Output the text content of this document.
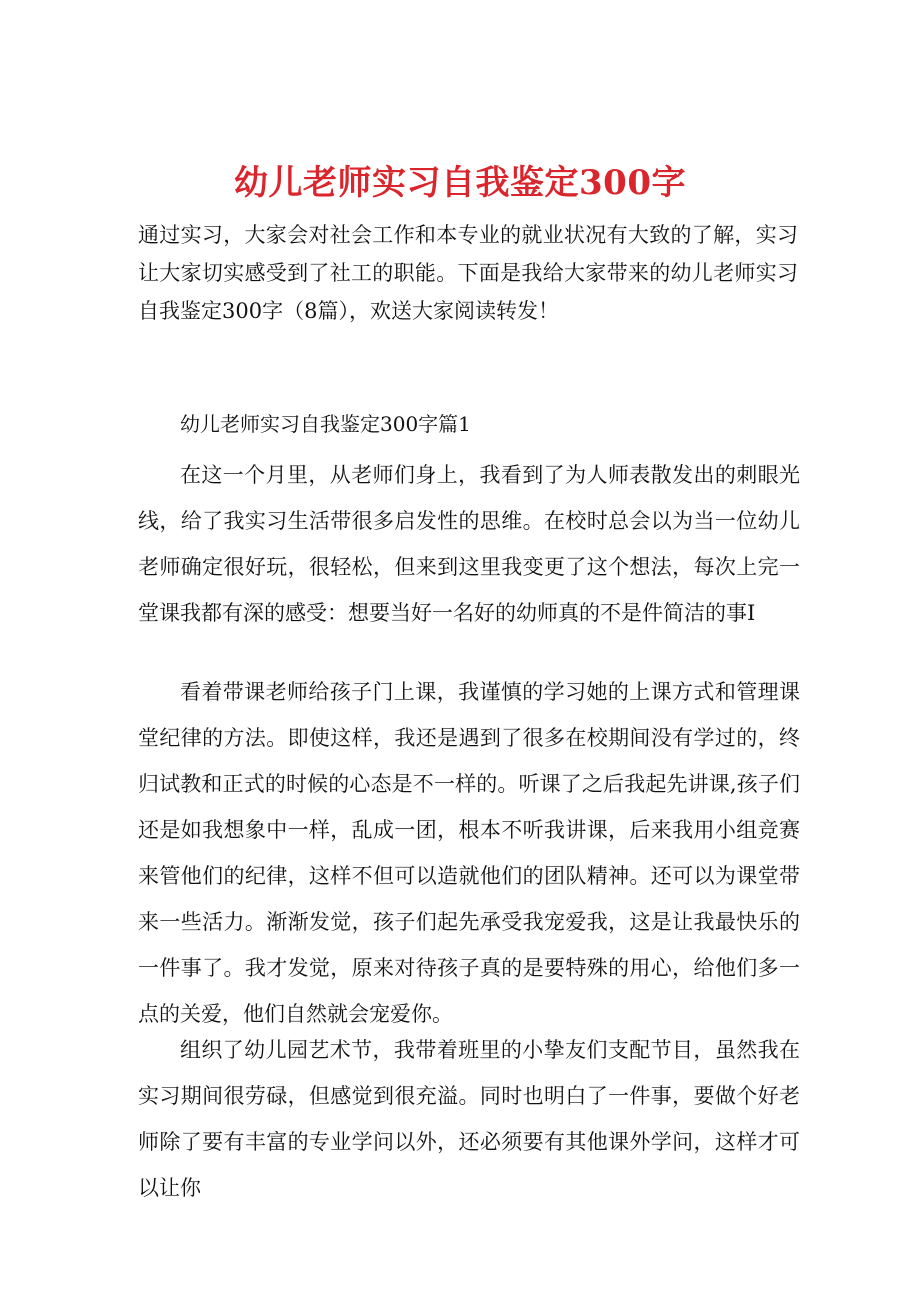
幼儿老师实习自我鉴定300字

通过实习，大家会对社会工作和本专业的就业状况有大致的了解，实习让大家切实感受到了社工的职能。下面是我给大家带来的幼儿老师实习自我鉴定300字（8篇），欢送大家阅读转发！

幼儿老师实习自我鉴定300字篇1

在这一个月里，从老师们身上，我看到了为人师表散发出的刺眼光线，给了我实习生活带很多启发性的思维。在校时总会以为当一位幼儿老师确定很好玩，很轻松，但来到这里我变更了这个想法，每次上完一堂课我都有深的感受：想要当好一名好的幼师真的不是件简洁的事I

看着带课老师给孩子门上课，我谨慎的学习她的上课方式和管理课堂纪律的方法。即使这样，我还是遇到了很多在校期间没有学过的，终归试教和正式的时候的心态是不一样的。听课了之后我起先讲课,孩子们还是如我想象中一样，乱成一团，根本不听我讲课，后来我用小组竞赛来管他们的纪律，这样不但可以造就他们的团队精神。还可以为课堂带来一些活力。渐渐发觉，孩子们起先承受我宠爱我，这是让我最快乐的一件事了。我才发觉，原来对待孩子真的是要特殊的用心，给他们多一点的关爱，他们自然就会宠爱你。

组织了幼儿园艺术节，我带着班里的小挚友们支配节目，虽然我在实习期间很劳碌，但感觉到很充溢。同时也明白了一件事，要做个好老师除了要有丰富的专业学问以外，还必须要有其他课外学问，这样才可以让你
